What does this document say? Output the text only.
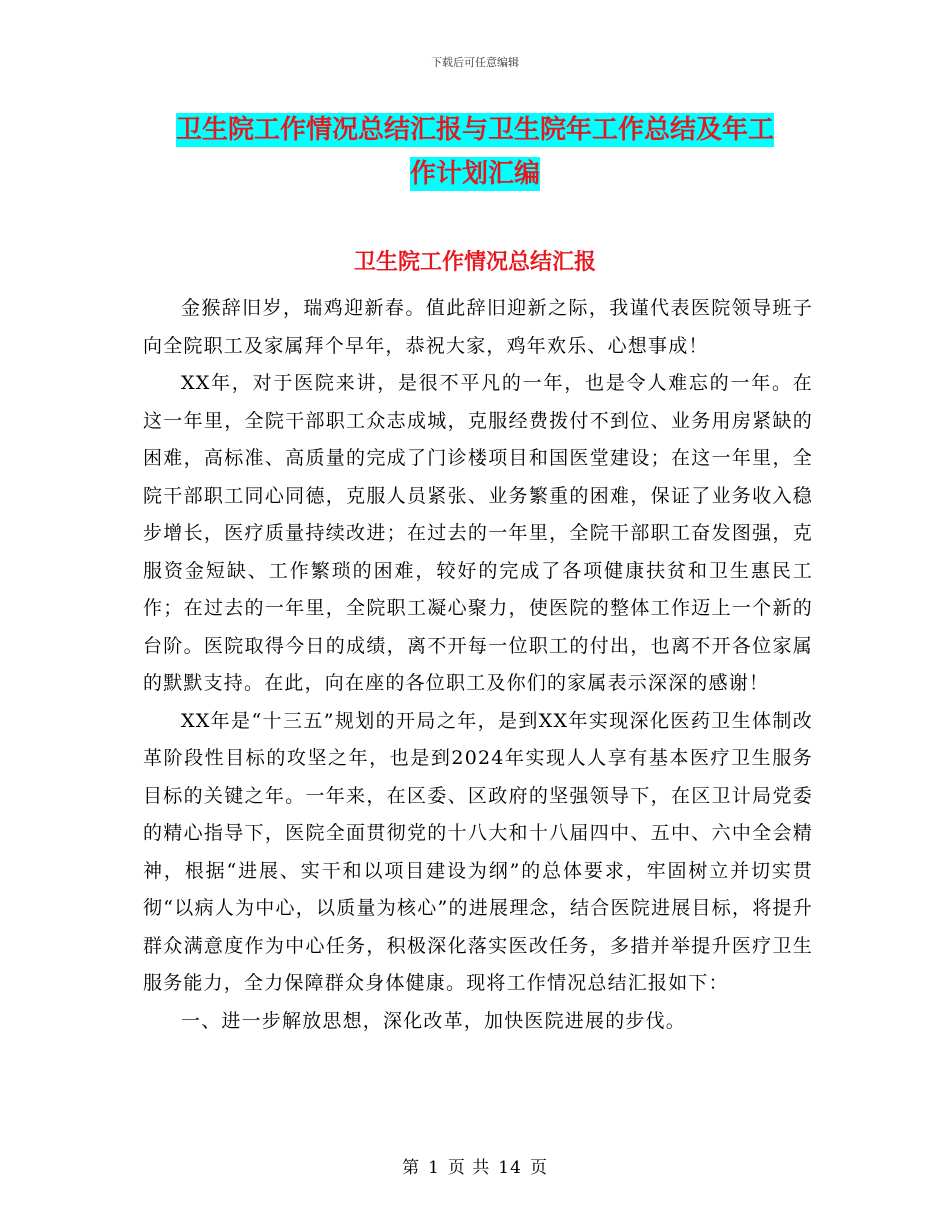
下载后可任意编辑
卫生院工作情况总结汇报与卫生院年工作总结及年工
作计划汇编
卫生院工作情况总结汇报

金猴辞旧岁，瑞鸡迎新春。值此辞旧迎新之际，我谨代表医院领导班子向全院职工及家属拜个早年，恭祝大家，鸡年欢乐、心想事成！

XX年，对于医院来讲，是很不平凡的一年，也是令人难忘的一年。在这一年里，全院干部职工众志成城，克服经费拨付不到位、业务用房紧缺的困难，高标准、高质量的完成了门诊楼项目和国医堂建设；在这一年里，全院干部职工同心同德，克服人员紧张、业务繁重的困难，保证了业务收入稳步增长，医疗质量持续改进；在过去的一年里，全院干部职工奋发图强，克服资金短缺、工作繁琐的困难，较好的完成了各项健康扶贫和卫生惠民工作；在过去的一年里，全院职工凝心聚力，使医院的整体工作迈上一个新的台阶。医院取得今日的成绩，离不开每一位职工的付出，也离不开各位家属的默默支持。在此，向在座的各位职工及你们的家属表示深深的感谢！

XX年是“十三五”规划的开局之年，是到XX年实现深化医药卫生体制改革阶段性目标的攻坚之年，也是到2024年实现人人享有基本医疗卫生服务目标的关键之年。一年来，在区委、区政府的坚强领导下，在区卫计局党委的精心指导下，医院全面贯彻党的十八大和十八届四中、五中、六中全会精神，根据“进展、实干和以项目建设为纲”的总体要求，牢固树立并切实贯彻“以病人为中心，以质量为核心”的进展理念，结合医院进展目标，将提升群众满意度作为中心任务，积极深化落实医改任务，多措并举提升医疗卫生服务能力，全力保障群众身体健康。现将工作情况总结汇报如下：

一、进一步解放思想，深化改革，加快医院进展的步伐。

第 1 页 共 14 页
